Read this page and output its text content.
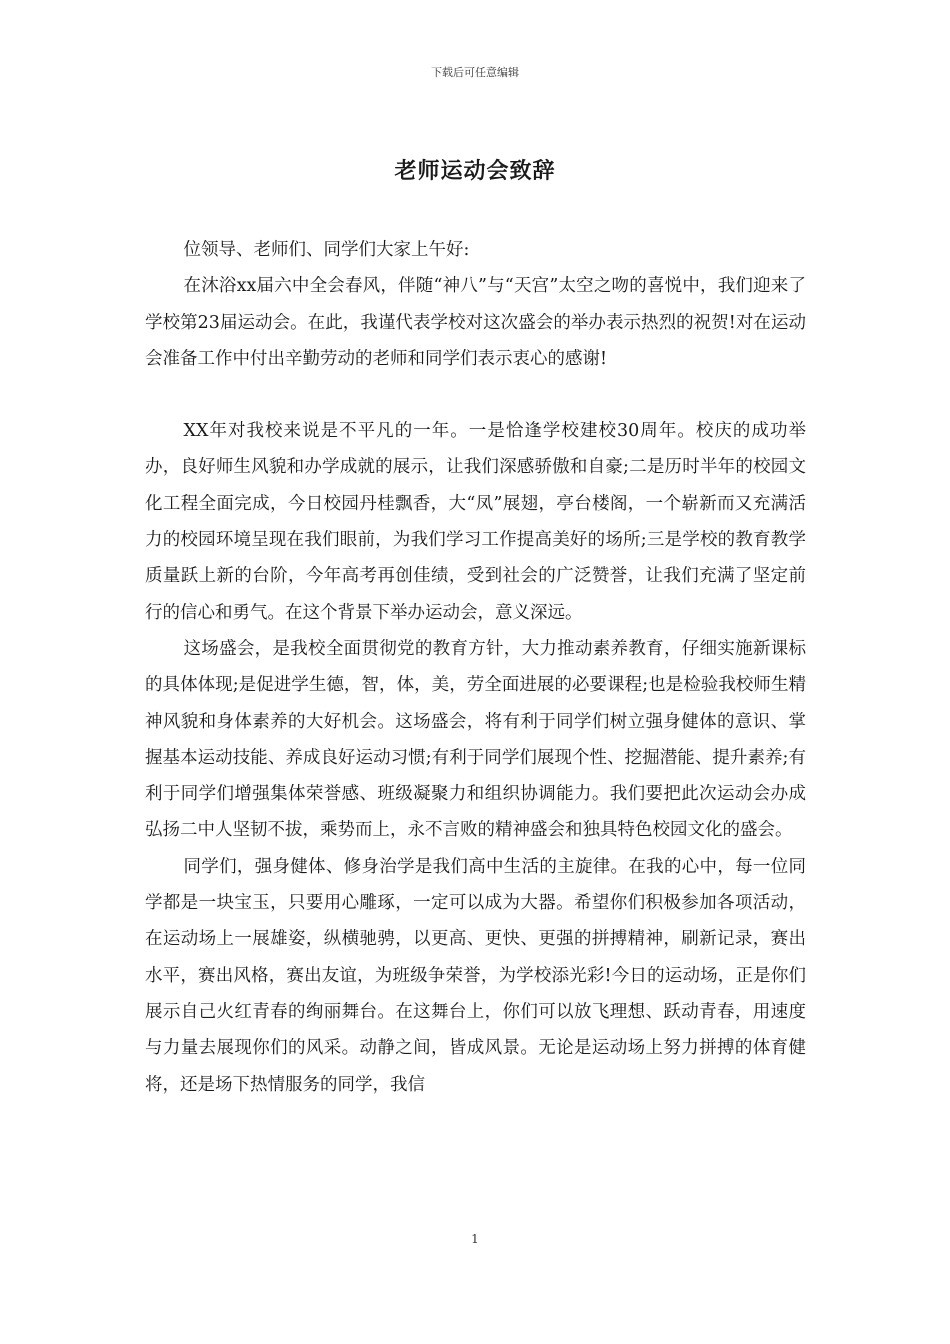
下载后可任意编辑
老师运动会致辞

位领导、老师们、同学们大家上午好:

在沐浴xx届六中全会春风，伴随“神八”与“天宫”太空之吻的喜悦中，我们迎来了学校第23届运动会。在此，我谨代表学校对这次盛会的举办表示热烈的祝贺!对在运动会准备工作中付出辛勤劳动的老师和同学们表示衷心的感谢!

XX年对我校来说是不平凡的一年。一是恰逢学校建校30周年。校庆的成功举办，良好师生风貌和办学成就的展示，让我们深感骄傲和自豪;二是历时半年的校园文化工程全面完成，今日校园丹桂飘香，大“凤”展翅，亭台楼阁，一个崭新而又充满活力的校园环境呈现在我们眼前，为我们学习工作提高美好的场所;三是学校的教育教学质量跃上新的台阶，今年高考再创佳绩，受到社会的广泛赞誉，让我们充满了坚定前行的信心和勇气。在这个背景下举办运动会，意义深远。

这场盛会，是我校全面贯彻党的教育方针，大力推动素养教育，仔细实施新课标的具体体现;是促进学生德，智，体，美，劳全面进展的必要课程;也是检验我校师生精神风貌和身体素养的大好机会。这场盛会，将有利于同学们树立强身健体的意识、掌握基本运动技能、养成良好运动习惯;有利于同学们展现个性、挖掘潜能、提升素养;有利于同学们增强集体荣誉感、班级凝聚力和组织协调能力。我们要把此次运动会办成弘扬二中人坚韧不拔，乘势而上，永不言败的精神盛会和独具特色校园文化的盛会。

同学们，强身健体、修身治学是我们高中生活的主旋律。在我的心中，每一位同学都是一块宝玉，只要用心雕琢，一定可以成为大器。希望你们积极参加各项活动，在运动场上一展雄姿，纵横驰骋，以更高、更快、更强的拼搏精神，刷新记录，赛出水平，赛出风格，赛出友谊，为班级争荣誉，为学校添光彩!今日的运动场，正是你们展示自己火红青春的绚丽舞台。在这舞台上，你们可以放飞理想、跃动青春，用速度与力量去展现你们的风采。动静之间，皆成风景。无论是运动场上努力拼搏的体育健将，还是场下热情服务的同学，我信

1
